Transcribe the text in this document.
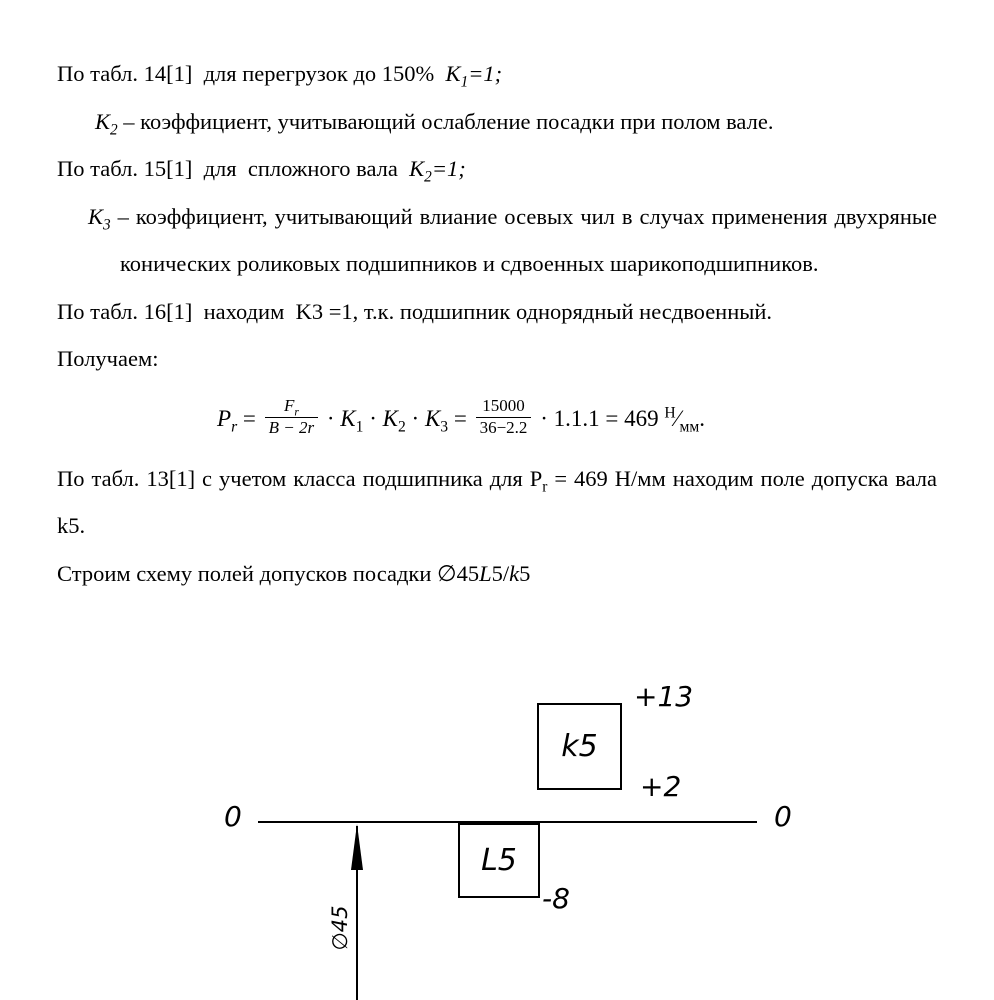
По табл. 14[1]  для перегрузок до 150%  $K_1=1$;
$K_2$ – коэффициент, учитывающий ослабление посадки при полом вале.
По табл. 15[1]  для  спложного вала  $K_2=1$;
$K_3$ – коэффициент, учитывающий влиание осевых чил в случах применения двухряные конических роликовых подшипников и сдвоенных шарикоподшипников.
По табл. 16[1]  находим  K3 =1, т.к. подшипник однорядный несдвоенный.
Получаем:
$P_r = \frac{F_r}{B - 2r} \cdot K_1 \cdot K_2 \cdot K_3 = \frac{15000}{36-2.2} \cdot 1.1.1 = 469$ $^Н⁄_{мм}$.
По табл. 13[1] с учетом класса подшипника для $P_r = 469$ Н/мм находим поле допуска вала k5.
Строим схему полей допусков посадки ∅45L5/k5
0	0
k5
+13
+2
L5
-8
∅45
